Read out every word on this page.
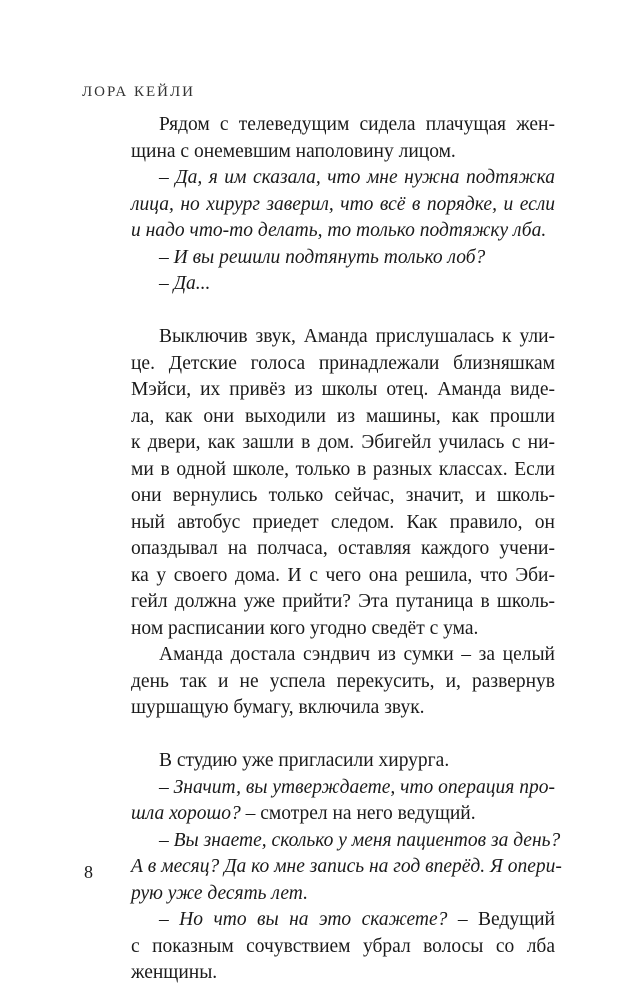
ЛОРА КЕЙЛИ
Рядом с телеведущим сидела плачущая жен-
щина с онемевшим наполовину лицом.
– Да, я им сказала, что мне нужна подтяжка
лица, но хирург заверил, что всё в порядке, и если
и надо что-то делать, то только подтяжку лба.
– И вы решили подтянуть только лоб?
– Да...
Выключив звук, Аманда прислушалась к ули-
це. Детские голоса принадлежали близняшкам
Мэйси, их привёз из школы отец. Аманда виде-
ла, как они выходили из машины, как прошли
к двери, как зашли в дом. Эбигейл училась с ни-
ми в одной школе, только в разных классах. Если
они вернулись только сейчас, значит, и школь-
ный автобус приедет следом. Как правило, он
опаздывал на полчаса, оставляя каждого учени-
ка у своего дома. И с чего она решила, что Эби-
гейл должна уже прийти? Эта путаница в школь-
ном расписании кого угодно сведёт с ума.
Аманда достала сэндвич из сумки – за целый
день так и не успела перекусить, и, развернув
шуршащую бумагу, включила звук.
В студию уже пригласили хирурга.
– Значит, вы утверждаете, что операция про-
шла хорошо? – смотрел на него ведущий.
– Вы знаете, сколько у меня пациентов за день?
А в месяц? Да ко мне запись на год вперёд. Я опери-
рую уже десять лет.
– Но что вы на это скажете? – Ведущий
с показным сочувствием убрал волосы со лба
женщины.
8
